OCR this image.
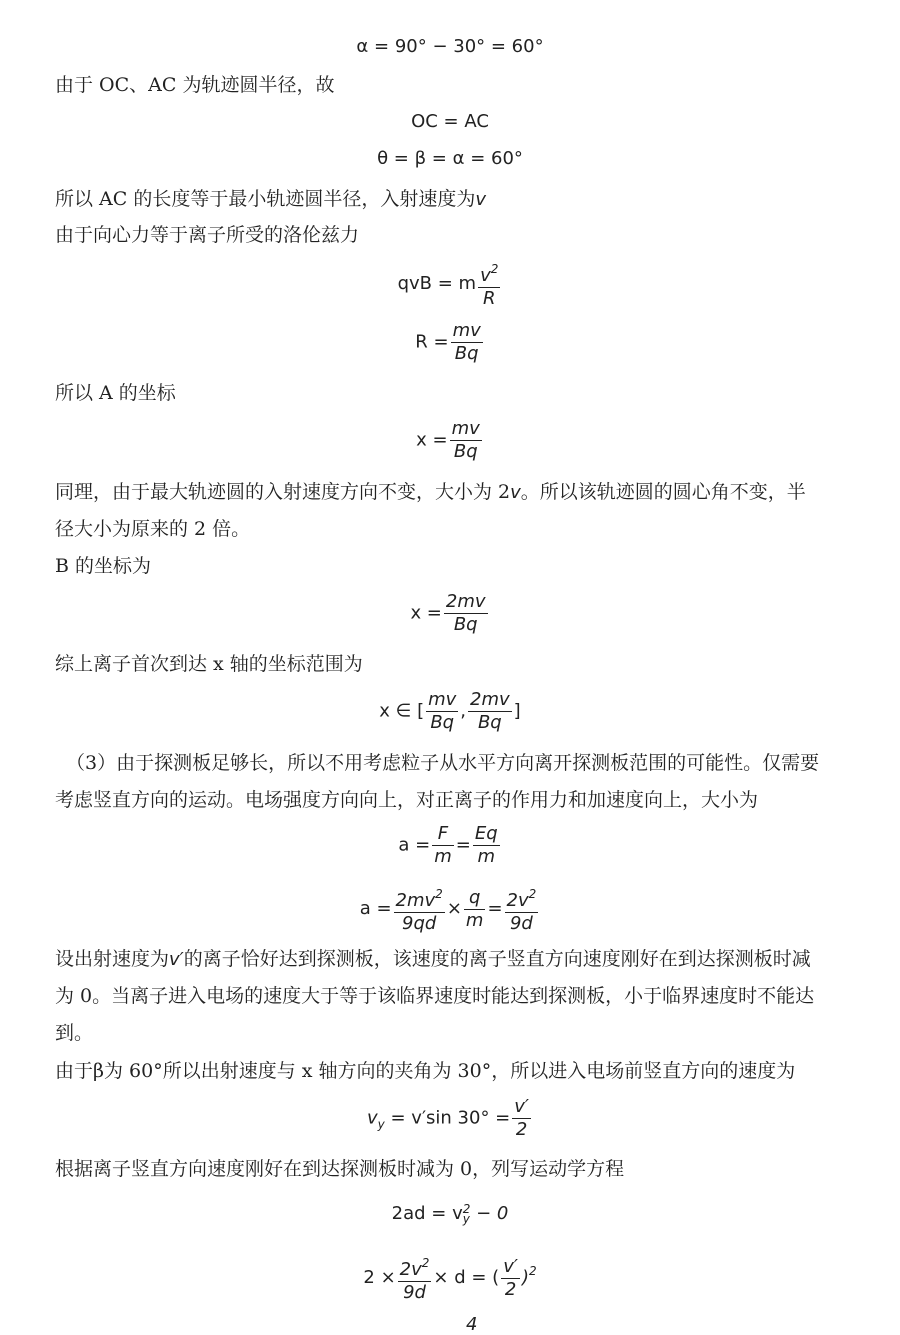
α = 90° − 30° = 60°
由于 OC、AC 为轨迹圆半径，故
OC = AC
θ = β = α = 60°
所以 AC 的长度等于最小轨迹圆半径，入射速度为v
由于向心力等于离子所受的洛伦兹力
qvB = m $\frac{v^2}{R}$
$R = \frac{mv}{Bq}$
所以 A 的坐标
$x = \frac{mv}{Bq}$
同理，由于最大轨迹圆的入射速度方向不变，大小为 2v。所以该轨迹圆的圆心角不变，半
径大小为原来的 2 倍。
B 的坐标为
$x = \frac{2mv}{Bq}$
综上离子首次到达 x 轴的坐标范围为
x ∈ [ $\frac{mv}{Bq}$ , $\frac{2mv}{Bq}$ ]
（3）由于探测板足够长，所以不用考虑粒子从水平方向离开探测板范围的可能性。仅需要
考虑竖直方向的运动。电场强度方向向上，对正离子的作用力和加速度向上，大小为
$a = \frac{F}{m} = \frac{Eq}{m}$
$a = \frac{2mv^2}{9qd} \times \frac{q}{m} = \frac{2v^2}{9d}$
设出射速度为v′的离子恰好达到探测板，该速度的离子竖直方向速度刚好在到达探测板时减
为 0。当离子进入电场的速度大于等于该临界速度时能达到探测板，小于临界速度时不能达
到。
由于β为 60°所以出射速度与 x 轴方向的夹角为 30°，所以进入电场前竖直方向的速度为
$v_y = v'\sin$ $30^\circ = \frac{v'}{2}$
根据离子竖直方向速度刚好在到达探测板时减为 0，列写运动学方程
2ad = v 2
y − 0
$2 \times \frac{2v^2}{9d} \times d$ = ( $\frac{v'}{2} )^2$
4
